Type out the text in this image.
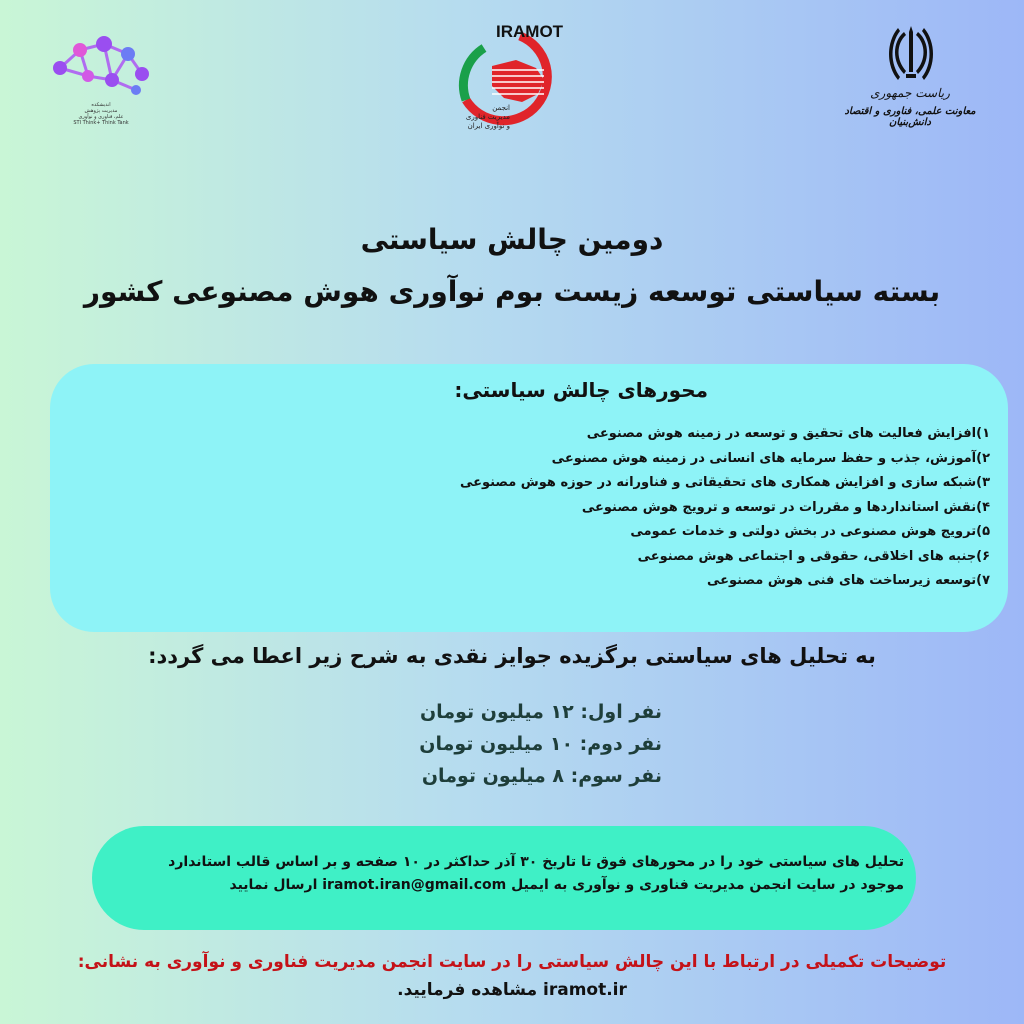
اندیشکده
مدیریت پژوهش
علم، فناوری و نوآوری
STI Think+ Think Tank
IRAMOT
انجمن
مدیریت فناوری
و نوآوری ایران
ریاست جمهوری
معاونت علمی، فناوری و اقتصاد دانش‌بنیان
دومین چالش سیاستی
بسته سیاستی توسعه زیست بوم نوآوری هوش مصنوعی کشور
محورهای چالش سیاستی:
۱)افزایش فعالیت های تحقیق و توسعه در زمینه هوش مصنوعی
۲)آموزش، جذب و حفظ سرمایه های انسانی در زمینه هوش مصنوعی
۳)شبکه سازی و افزایش همکاری های تحقیقاتی و فناورانه در حوزه هوش مصنوعی
۴)نقش استانداردها و مقررات در توسعه و ترویج هوش مصنوعی
۵)ترویج هوش مصنوعی در بخش دولتی و خدمات عمومی
۶)جنبه های اخلاقی، حقوقی و اجتماعی هوش مصنوعی
۷)توسعه زیرساخت های فنی هوش مصنوعی
به تحلیل های سیاستی برگزیده جوایز نقدی به شرح زیر اعطا می گردد:
نفر اول: ۱۲ میلیون تومان
نفر دوم: ۱۰ میلیون تومان
نفر سوم: ۸ میلیون تومان
تحلیل های سیاستی خود را در محورهای فوق تا تاریخ ۳۰ آذر حداکثر در ۱۰ صفحه و بر اساس قالب استاندارد
موجود در سایت انجمن مدیریت فناوری و نوآوری به ایمیل iramot.iran@gmail.com ارسال نمایید
توضیحات تکمیلی در ارتباط با این چالش سیاستی را در سایت انجمن مدیریت فناوری و نوآوری به نشانی:
iramot.ir مشاهده فرمایید.
